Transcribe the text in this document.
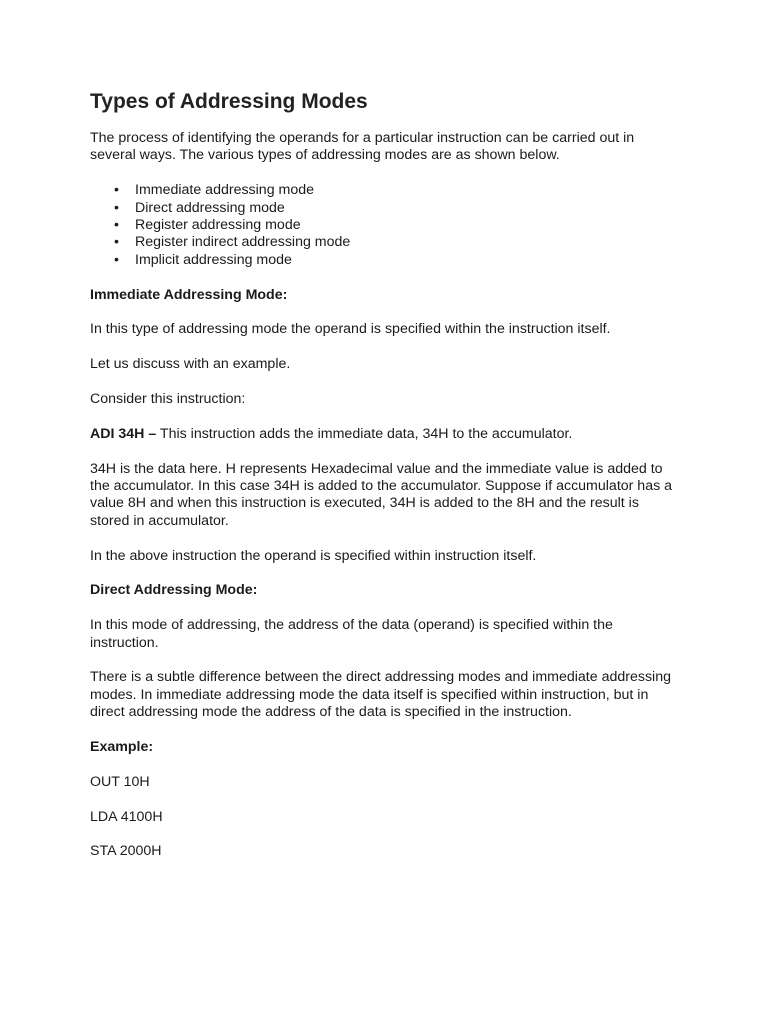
Types of Addressing Modes

The process of identifying the operands for a particular instruction can be carried out in several ways. The various types of addressing modes are as shown below.

• Immediate addressing mode
• Direct addressing mode
• Register addressing mode
• Register indirect addressing mode
• Implicit addressing mode

Immediate Addressing Mode:

In this type of addressing mode the operand is specified within the instruction itself.

Let us discuss with an example.

Consider this instruction:

ADI 34H – This instruction adds the immediate data, 34H to the accumulator.

34H is the data here. H represents Hexadecimal value and the immediate value is added to the accumulator. In this case 34H is added to the accumulator. Suppose if accumulator has a value 8H and when this instruction is executed, 34H is added to the 8H and the result is stored in accumulator.

In the above instruction the operand is specified within instruction itself.

Direct Addressing Mode:

In this mode of addressing, the address of the data (operand) is specified within the instruction.

There is a subtle difference between the direct addressing modes and immediate addressing modes. In immediate addressing mode the data itself is specified within instruction, but in direct addressing mode the address of the data is specified in the instruction.

Example:

OUT 10H

LDA 4100H

STA 2000H
